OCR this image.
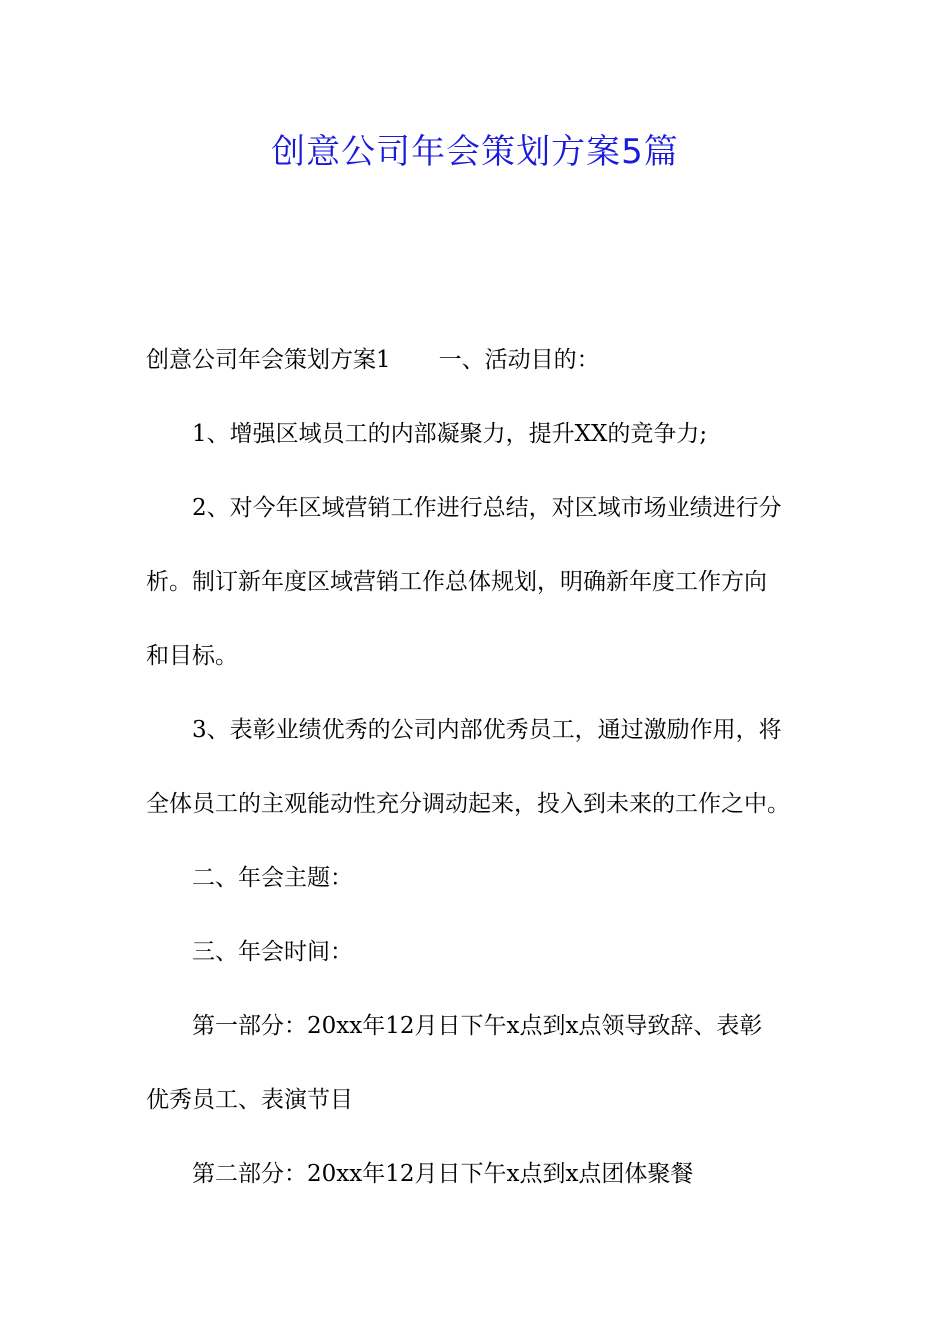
创意公司年会策划方案5篇

创意公司年会策划方案1 一、活动目的：

1、增强区域员工的内部凝聚力，提升XX的竞争力;

2、对今年区域营销工作进行总结，对区域市场业绩进行分

析。制订新年度区域营销工作总体规划，明确新年度工作方向

和目标。

3、表彰业绩优秀的公司内部优秀员工，通过激励作用，将

全体员工的主观能动性充分调动起来，投入到未来的工作之中。

二、年会主题：

三、年会时间：

第一部分：20xx年12月日下午x点到x点领导致辞、表彰

优秀员工、表演节目

第二部分：20xx年12月日下午x点到x点团体聚餐
